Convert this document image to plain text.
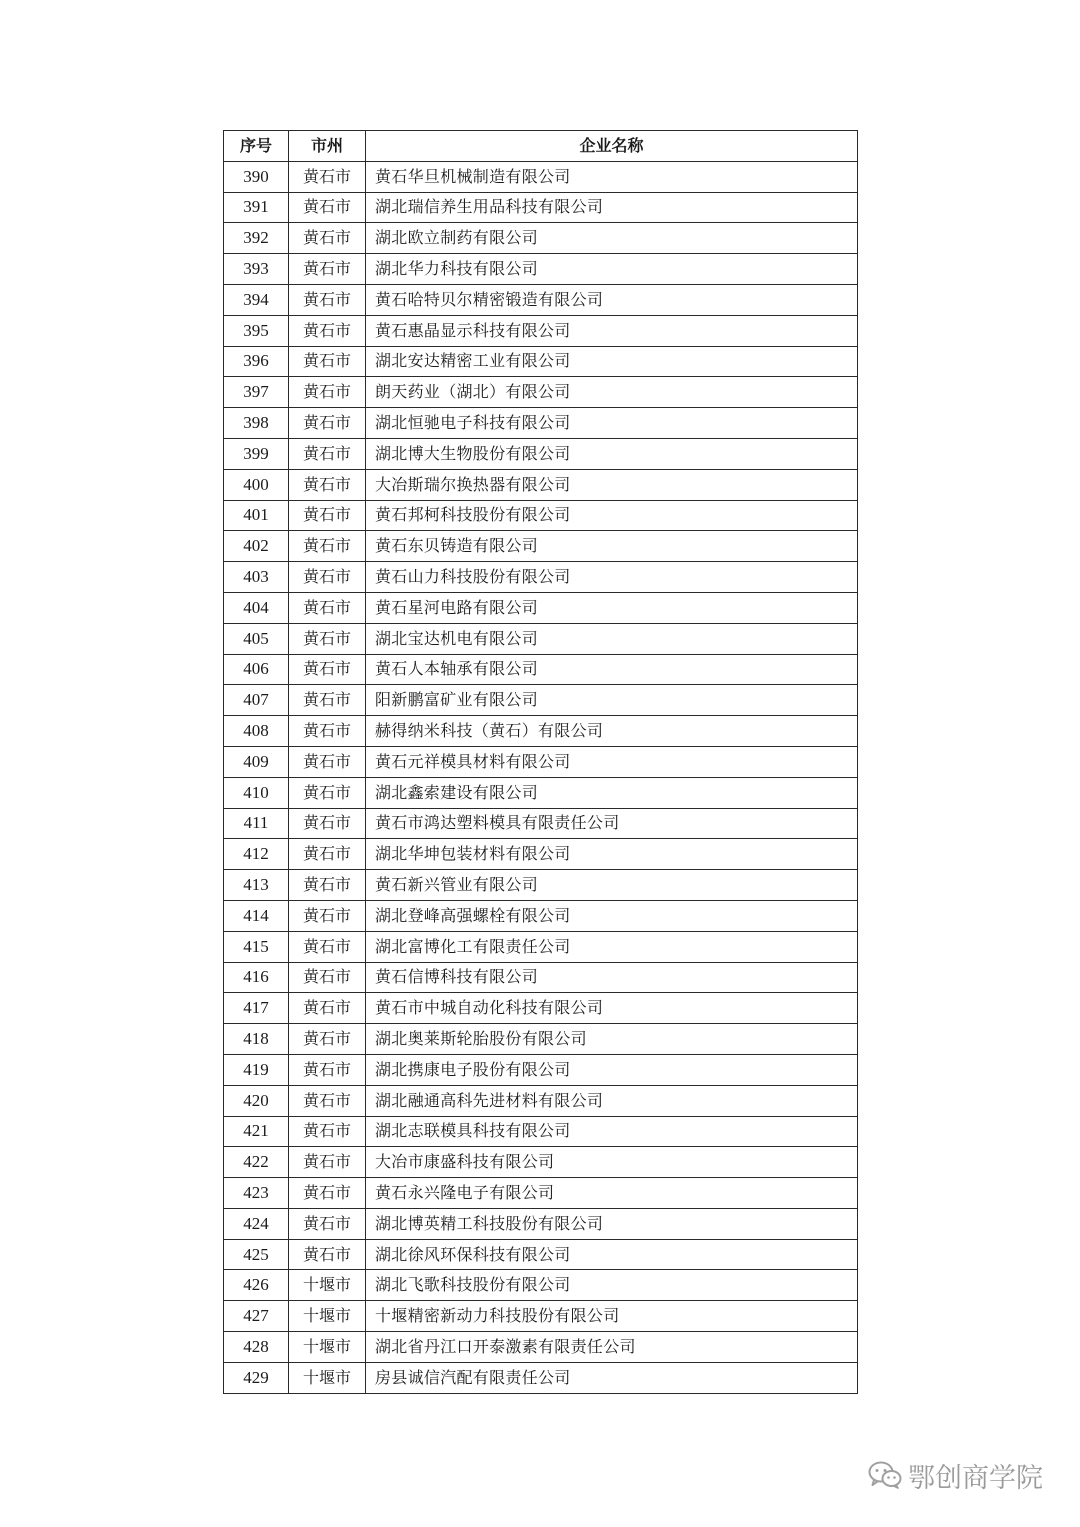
序号	市州	企业名称
390	黄石市	黄石华旦机械制造有限公司
391	黄石市	湖北瑞信养生用品科技有限公司
392	黄石市	湖北欧立制药有限公司
393	黄石市	湖北华力科技有限公司
394	黄石市	黄石哈特贝尔精密锻造有限公司
395	黄石市	黄石惠晶显示科技有限公司
396	黄石市	湖北安达精密工业有限公司
397	黄石市	朗天药业（湖北）有限公司
398	黄石市	湖北恒驰电子科技有限公司
399	黄石市	湖北博大生物股份有限公司
400	黄石市	大冶斯瑞尔换热器有限公司
401	黄石市	黄石邦柯科技股份有限公司
402	黄石市	黄石东贝铸造有限公司
403	黄石市	黄石山力科技股份有限公司
404	黄石市	黄石星河电路有限公司
405	黄石市	湖北宝达机电有限公司
406	黄石市	黄石人本轴承有限公司
407	黄石市	阳新鹏富矿业有限公司
408	黄石市	赫得纳米科技（黄石）有限公司
409	黄石市	黄石元祥模具材料有限公司
410	黄石市	湖北鑫索建设有限公司
411	黄石市	黄石市鸿达塑料模具有限责任公司
412	黄石市	湖北华坤包装材料有限公司
413	黄石市	黄石新兴管业有限公司
414	黄石市	湖北登峰高强螺栓有限公司
415	黄石市	湖北富博化工有限责任公司
416	黄石市	黄石信博科技有限公司
417	黄石市	黄石市中城自动化科技有限公司
418	黄石市	湖北奥莱斯轮胎股份有限公司
419	黄石市	湖北携康电子股份有限公司
420	黄石市	湖北融通高科先进材料有限公司
421	黄石市	湖北志联模具科技有限公司
422	黄石市	大冶市康盛科技有限公司
423	黄石市	黄石永兴隆电子有限公司
424	黄石市	湖北博英精工科技股份有限公司
425	黄石市	湖北徐风环保科技有限公司
426	十堰市	湖北飞歌科技股份有限公司
427	十堰市	十堰精密新动力科技股份有限公司
428	十堰市	湖北省丹江口开泰激素有限责任公司
429	十堰市	房县诚信汽配有限责任公司
鄂创商学院
